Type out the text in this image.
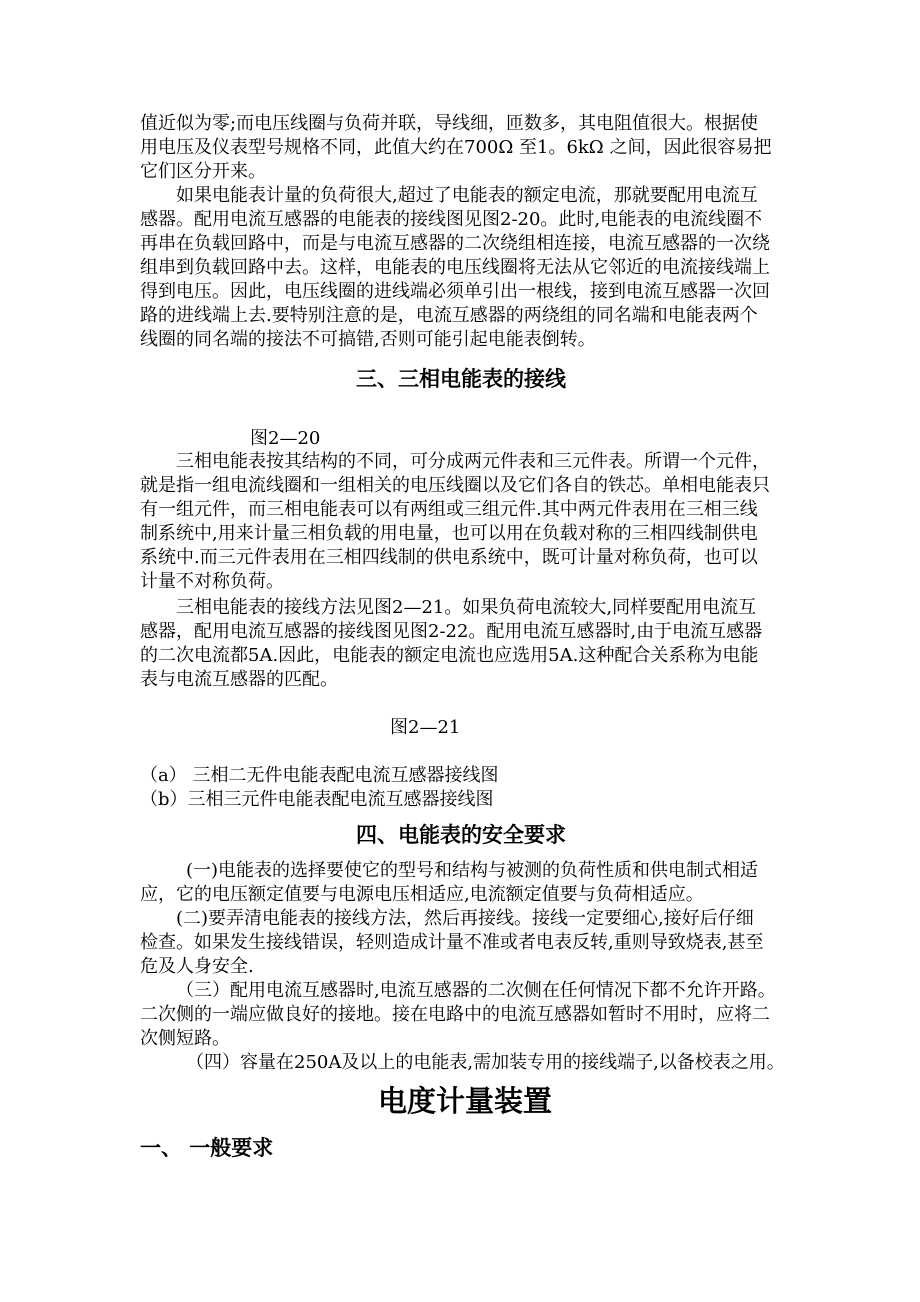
值近似为零;而电压线圈与负荷并联，导线细，匝数多，其电阻值很大。根据使
用电压及仪表型号规格不同，此值大约在700Ω 至1。6kΩ 之间，因此很容易把
它们区分开来。
如果电能表计量的负荷很大,超过了电能表的额定电流，那就要配用电流互
感器。配用电流互感器的电能表的接线图见图2-20。此时,电能表的电流线圈不
再串在负载回路中，而是与电流互感器的二次绕组相连接，电流互感器的一次绕
组串到负载回路中去。这样，电能表的电压线圈将无法从它邻近的电流接线端上
得到电压。因此，电压线圈的进线端必须单引出一根线，接到电流互感器一次回
路的进线端上去.要特别注意的是，电流互感器的两绕组的同名端和电能表两个
线圈的同名端的接法不可搞错,否则可能引起电能表倒转。
三、三相电能表的接线
图2—20
三相电能表按其结构的不同，可分成两元件表和三元件表。所谓一个元件，
就是指一组电流线圈和一组相关的电压线圈以及它们各自的铁芯。单相电能表只
有一组元件，而三相电能表可以有两组或三组元件.其中两元件表用在三相三线
制系统中,用来计量三相负载的用电量，也可以用在负载对称的三相四线制供电
系统中.而三元件表用在三相四线制的供电系统中，既可计量对称负荷，也可以
计量不对称负荷。
三相电能表的接线方法见图2—21。如果负荷电流较大,同样要配用电流互
感器，配用电流互感器的接线图见图2-22。配用电流互感器时,由于电流互感器
的二次电流都5A.因此，电能表的额定电流也应选用5A.这种配合关系称为电能
表与电流互感器的匹配。
图2—21
（a） 三相二无件电能表配电流互感器接线图
（b）三相三元件电能表配电流互感器接线图
四、电能表的安全要求
(一)电能表的选择要使它的型号和结构与被测的负荷性质和供电制式相适
应，它的电压额定值要与电源电压相适应,电流额定值要与负荷相适应。
(二)要弄清电能表的接线方法，然后再接线。接线一定要细心,接好后仔细
检查。如果发生接线错误，轻则造成计量不准或者电表反转,重则导致烧表,甚至
危及人身安全.
（三）配用电流互感器时,电流互感器的二次侧在任何情况下都不允许开路。
二次侧的一端应做良好的接地。接在电路中的电流互感器如暂时不用时，应将二
次侧短路。
（四）容量在250A及以上的电能表,需加装专用的接线端子,以备校表之用。
电度计量装置
一、 一般要求
